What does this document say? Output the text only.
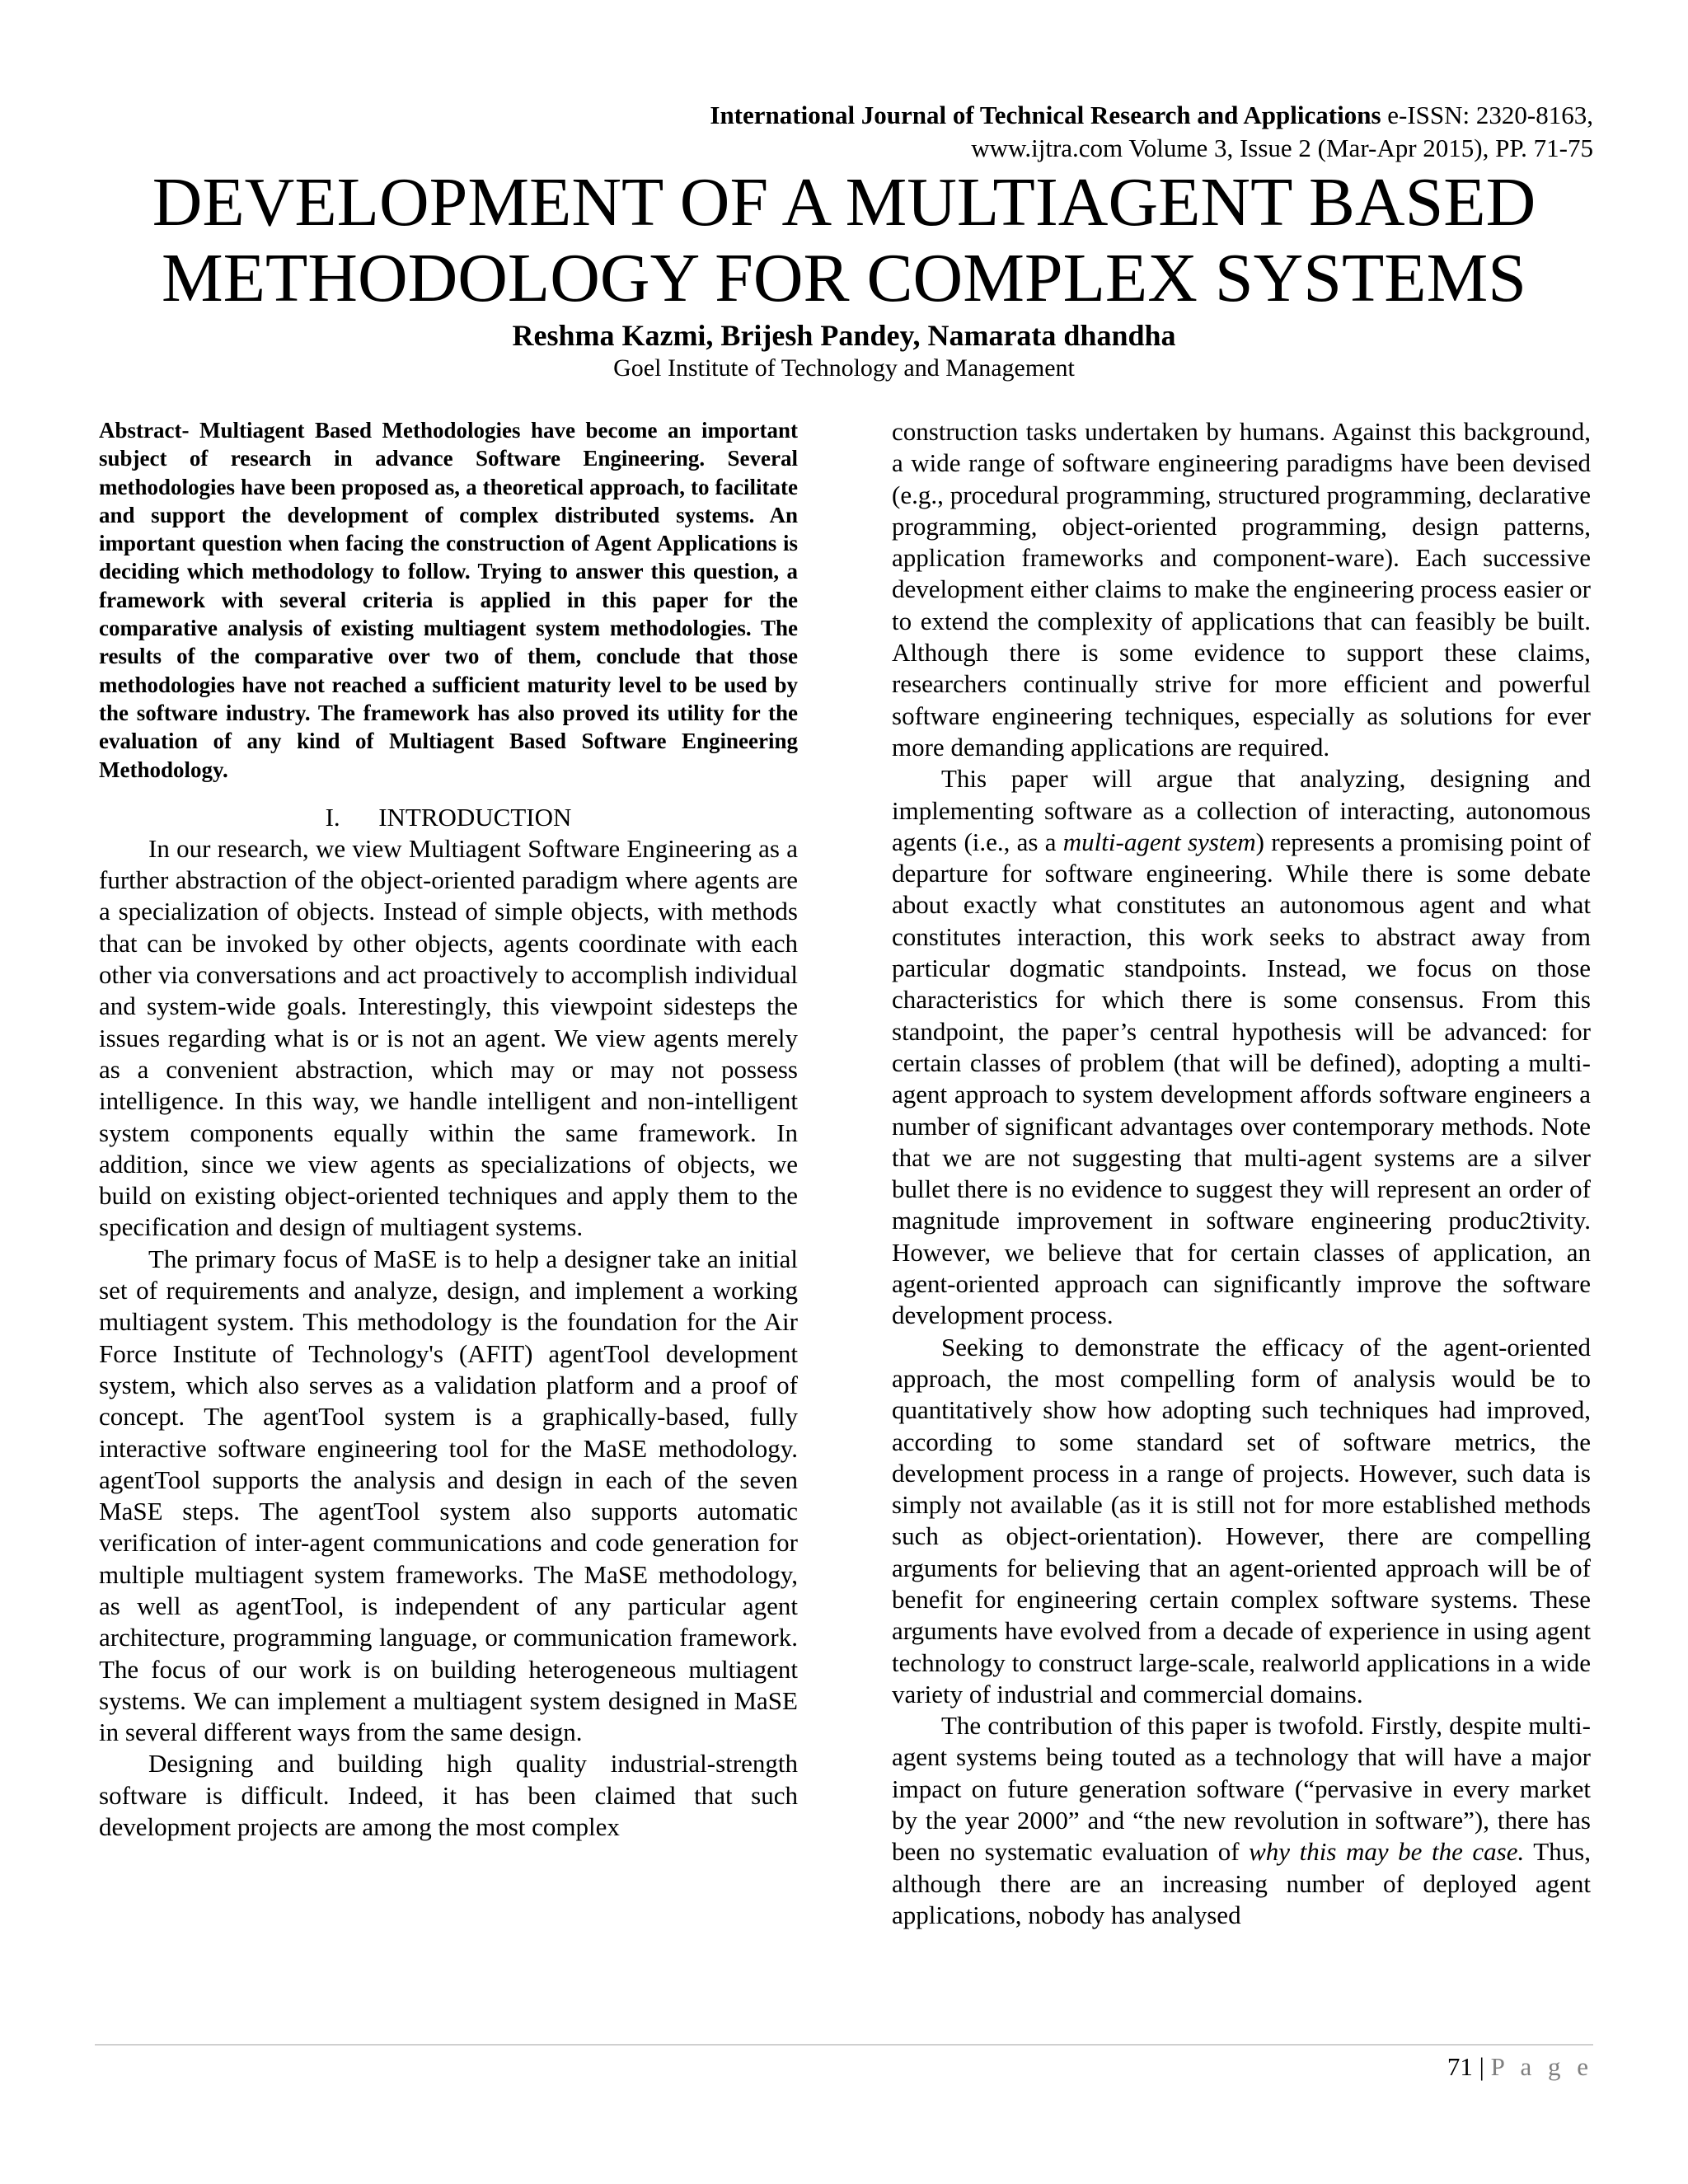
International Journal of Technical Research and Applications e-ISSN: 2320-8163,
www.ijtra.com Volume 3, Issue 2 (Mar-Apr 2015), PP. 71-75
DEVELOPMENT OF A MULTIAGENT BASED
METHODOLOGY FOR COMPLEX SYSTEMS
Reshma Kazmi, Brijesh Pandey, Namarata dhandha
Goel Institute of Technology and Management

Abstract- Multiagent Based Methodologies have become an important subject of research in advance Software Engineering. Several methodologies have been proposed as, a theoretical approach, to facilitate and support the development of complex distributed systems. An important question when facing the construction of Agent Applications is deciding which methodology to follow. Trying to answer this question, a framework with several criteria is applied in this paper for the comparative analysis of existing multiagent system methodologies. The results of the comparative over two of them, conclude that those methodologies have not reached a sufficient maturity level to be used by the software industry. The framework has also proved its utility for the evaluation of any kind of Multiagent Based Software Engineering Methodology.

I. INTRODUCTION

In our research, we view Multiagent Software Engineering as a further abstraction of the object-oriented paradigm where agents are a specialization of objects. Instead of simple objects, with methods that can be invoked by other objects, agents coordinate with each other via conversations and act proactively to accomplish individual and system-wide goals. Interestingly, this viewpoint sidesteps the issues regarding what is or is not an agent. We view agents merely as a convenient abstraction, which may or may not possess intelligence. In this way, we handle intelligent and non-intelligent system components equally within the same framework. In addition, since we view agents as specializations of objects, we build on existing object-oriented techniques and apply them to the specification and design of multiagent systems.

The primary focus of MaSE is to help a designer take an initial set of requirements and analyze, design, and implement a working multiagent system. This methodology is the foundation for the Air Force Institute of Technology's (AFIT) agentTool development system, which also serves as a validation platform and a proof of concept. The agentTool system is a graphically-based, fully interactive software engineering tool for the MaSE methodology. agentTool supports the analysis and design in each of the seven MaSE steps. The agentTool system also supports automatic verification of inter-agent communications and code generation for multiple multiagent system frameworks. The MaSE methodology, as well as agentTool, is independent of any particular agent architecture, programming language, or communication framework. The focus of our work is on building heterogeneous multiagent systems. We can implement a multiagent system designed in MaSE in several different ways from the same design.

Designing and building high quality industrial-strength software is difficult. Indeed, it has been claimed that such development projects are among the most complex

construction tasks undertaken by humans. Against this background, a wide range of software engineering paradigms have been devised (e.g., procedural programming, structured programming, declarative programming, object-oriented programming, design patterns, application frameworks and component-ware). Each successive development either claims to make the engineering process easier or to extend the complexity of applications that can feasibly be built. Although there is some evidence to support these claims, researchers continually strive for more efficient and powerful software engineering techniques, especially as solutions for ever more demanding applications are required.

This paper will argue that analyzing, designing and implementing software as a collection of interacting, autonomous agents (i.e., as a multi-agent system) represents a promising point of departure for software engineering. While there is some debate about exactly what constitutes an autonomous agent and what constitutes interaction, this work seeks to abstract away from particular dogmatic standpoints. Instead, we focus on those characteristics for which there is some consensus. From this standpoint, the paper’s central hypothesis will be advanced: for certain classes of problem (that will be defined), adopting a multi-agent approach to system development affords software engineers a number of significant advantages over contemporary methods. Note that we are not suggesting that multi-agent systems are a silver bullet there is no evidence to suggest they will represent an order of magnitude improvement in software engineering produc2tivity. However, we believe that for certain classes of application, an agent-oriented approach can significantly improve the software development process.

Seeking to demonstrate the efficacy of the agent-oriented approach, the most compelling form of analysis would be to quantitatively show how adopting such techniques had improved, according to some standard set of software metrics, the development process in a range of projects. However, such data is simply not available (as it is still not for more established methods such as object-orientation). However, there are compelling arguments for believing that an agent-oriented approach will be of benefit for engineering certain complex software systems. These arguments have evolved from a decade of experience in using agent technology to construct large-scale, realworld applications in a wide variety of industrial and commercial domains.

The contribution of this paper is twofold. Firstly, despite multi-agent systems being touted as a technology that will have a major impact on future generation software (“pervasive in every market by the year 2000” and “the new revolution in software”), there has been no systematic evaluation of why this may be the case. Thus, although there are an increasing number of deployed agent applications, nobody has analysed

71 | P a g e
